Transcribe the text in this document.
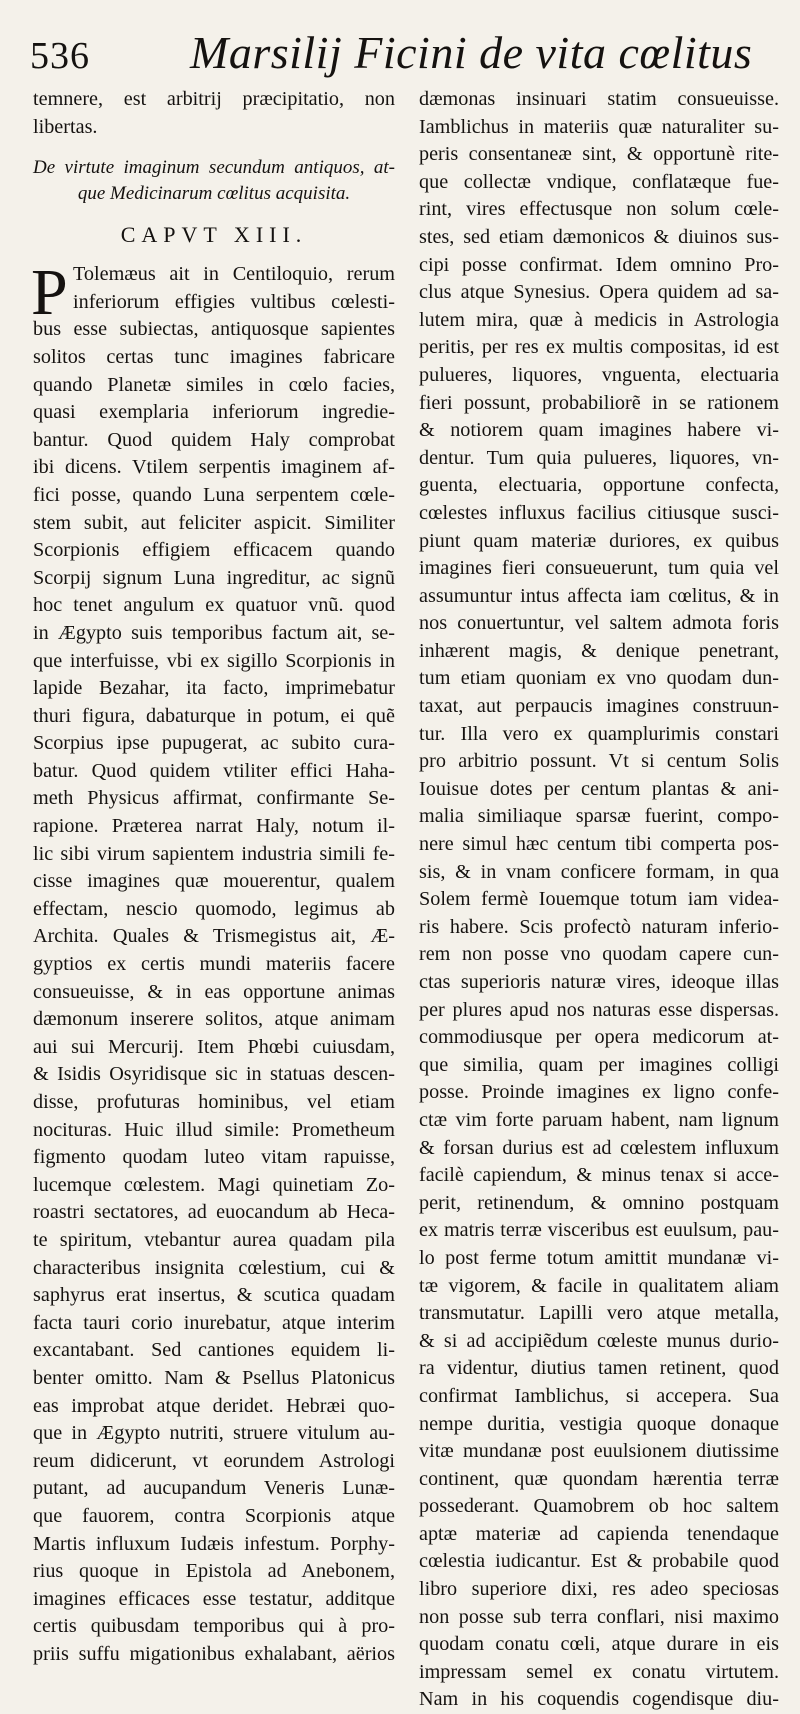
536 Marsilij Ficini de vita cœlitus
temnere, est arbitrij præcipitatio, non
libertas.
De virtute imaginum secundum antiquos, at-
que Medicinarum cœlitus acquisita.
CAPVT XIII.
P Tolemæus ait in Centiloquio, rerum
inferiorum effigies vultibus cœlesti-
bus esse subiectas, antiquosque sapientes
solitos certas tunc imagines fabricare
quando Planetæ similes in cœlo facies,
quasi exemplaria inferiorum ingredie-
bantur. Quod quidem Haly comprobat
ibi dicens. Vtilem serpentis imaginem af-
fici posse, quando Luna serpentem cœle-
stem subit, aut feliciter aspicit. Similiter
Scorpionis effigiem efficacem quando
Scorpij signum Luna ingreditur, ac signũ
hoc tenet angulum ex quatuor vnũ. quod
in Ægypto suis temporibus factum ait, se-
que interfuisse, vbi ex sigillo Scorpionis in
lapide Bezahar, ita facto, imprimebatur
thuri figura, dabaturque in potum, ei quẽ
Scorpius ipse pupugerat, ac subito cura-
batur. Quod quidem vtiliter effici Haha-
meth Physicus affirmat, confirmante Se-
rapione. Præterea narrat Haly, notum il-
lic sibi virum sapientem industria simili fe-
cisse imagines quæ mouerentur, qualem
effectam, nescio quomodo, legimus ab
Archita. Quales & Trismegistus ait, Æ-
gyptios ex certis mundi materiis facere
consueuisse, & in eas opportune animas
dæmonum inserere solitos, atque animam
aui sui Mercurij. Item Phœbi cuiusdam,
& Isidis Osyridisque sic in statuas descen-
disse, profuturas hominibus, vel etiam
nocituras. Huic illud simile: Prometheum
figmento quodam luteo vitam rapuisse,
lucemque cœlestem. Magi quinetiam Zo-
roastri sectatores, ad euocandum ab Heca-
te spiritum, vtebantur aurea quadam pila
characteribus insignita cœlestium, cui &
saphyrus erat insertus, & scutica quadam
facta tauri corio inurebatur, atque interim
excantabant. Sed cantiones equidem li-
benter omitto. Nam & Psellus Platonicus
eas improbat atque deridet. Hebræi quo-
que in Ægypto nutriti, struere vitulum au-
reum didicerunt, vt eorundem Astrologi
putant, ad aucupandum Veneris Lunæ-
que fauorem, contra Scorpionis atque
Martis influxum Iudæis infestum. Porphy-
rius quoque in Epistola ad Anebonem,
imagines efficaces esse testatur, additque
certis quibusdam temporibus qui à pro-
priis suffu migationibus exhalabant, aërios
dæmonas insinuari statim consueuisse.
Iamblichus in materiis quæ naturaliter su-
peris consentaneæ sint, & opportunè rite-
que collectæ vndique, conflatæque fue-
rint, vires effectusque non solum cœle-
stes, sed etiam dæmonicos & diuinos sus-
cipi posse confirmat. Idem omnino Pro-
clus atque Synesius. Opera quidem ad sa-
lutem mira, quæ à medicis in Astrologia
peritis, per res ex multis compositas, id est
pulueres, liquores, vnguenta, electuaria
fieri possunt, probabiliorẽ in se rationem
& notiorem quam imagines habere vi-
dentur. Tum quia pulueres, liquores, vn-
guenta, electuaria, opportune confecta,
cœlestes influxus facilius citiusque susci-
piunt quam materiæ duriores, ex quibus
imagines fieri consueuerunt, tum quia vel
assumuntur intus affecta iam cœlitus, & in
nos conuertuntur, vel saltem admota foris
inhærent magis, & denique penetrant,
tum etiam quoniam ex vno quodam dun-
taxat, aut perpaucis imagines construun-
tur. Illa vero ex quamplurimis constari
pro arbitrio possunt. Vt si centum Solis
Iouisue dotes per centum plantas & ani-
malia similiaque sparsæ fuerint, compo-
nere simul hæc centum tibi comperta pos-
sis, & in vnam conficere formam, in qua
Solem fermè Iouemque totum iam videa-
ris habere. Scis profectò naturam inferio-
rem non posse vno quodam capere cun-
ctas superioris naturæ vires, ideoque illas
per plures apud nos naturas esse dispersas.
commodiusque per opera medicorum at-
que similia, quam per imagines colligi
posse. Proinde imagines ex ligno confe-
ctæ vim forte paruam habent, nam lignum
& forsan durius est ad cœlestem influxum
facilè capiendum, & minus tenax si acce-
perit, retinendum, & omnino postquam
ex matris terræ visceribus est euulsum, pau-
lo post ferme totum amittit mundanæ vi-
tæ vigorem, & facile in qualitatem aliam
transmutatur. Lapilli vero atque metalla,
& si ad accipiẽdum cœleste munus durio-
ra videntur, diutius tamen retinent, quod
confirmat Iamblichus, si accepera. Sua
nempe duritia, vestigia quoque donaque
vitæ mundanæ post euulsionem diutissime
continent, quæ quondam hærentia terræ
possederant. Quamobrem ob hoc saltem
aptæ materiæ ad capienda tenendaque
cœlestia iudicantur. Est & probabile quod
libro superiore dixi, res adeo speciosas
non posse sub terra conflari, nisi maximo
quodam conatu cœli, atque durare in eis
impressam semel ex conatu virtutem.
Nam in his coquendis cogendisque diu-
